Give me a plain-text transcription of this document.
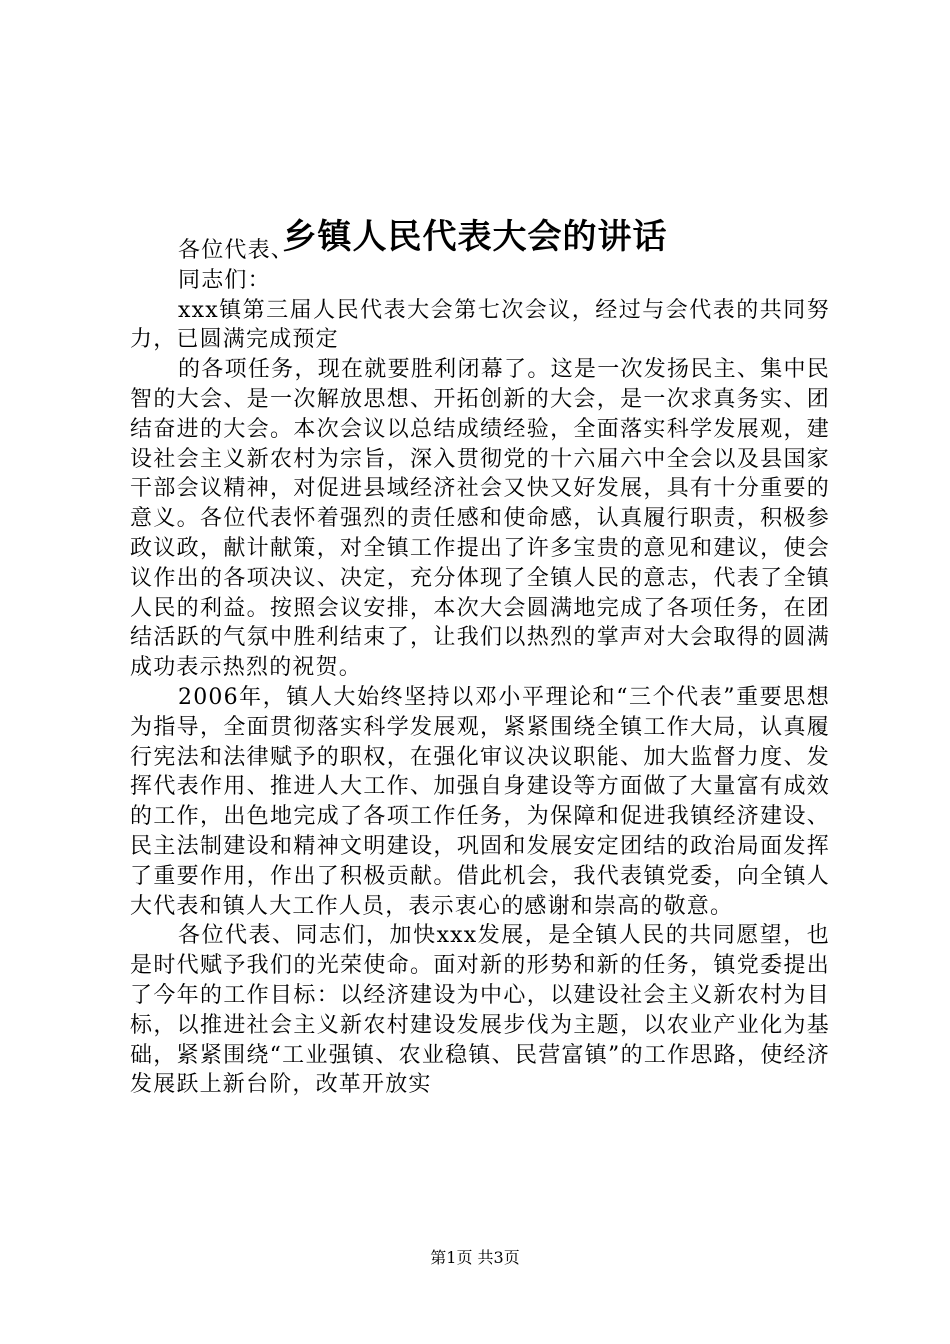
乡镇人民代表大会的讲话

各位代表、

同志们：

xxx镇第三届人民代表大会第七次会议，经过与会代表的共同努力，已圆满完成预定

的各项任务，现在就要胜利闭幕了。这是一次发扬民主、集中民智的大会、是一次解放思想、开拓创新的大会，是一次求真务实、团结奋进的大会。本次会议以总结成绩经验，全面落实科学发展观，建设社会主义新农村为宗旨，深入贯彻党的十六届六中全会以及县国家干部会议精神，对促进县域经济社会又快又好发展，具有十分重要的意义。各位代表怀着强烈的责任感和使命感，认真履行职责，积极参政议政，献计献策，对全镇工作提出了许多宝贵的意见和建议，使会议作出的各项决议、决定，充分体现了全镇人民的意志，代表了全镇人民的利益。按照会议安排，本次大会圆满地完成了各项任务，在团结活跃的气氛中胜利结束了，让我们以热烈的掌声对大会取得的圆满成功表示热烈的祝贺。

2006年，镇人大始终坚持以邓小平理论和“三个代表”重要思想为指导，全面贯彻落实科学发展观，紧紧围绕全镇工作大局，认真履行宪法和法律赋予的职权，在强化审议决议职能、加大监督力度、发挥代表作用、推进人大工作、加强自身建设等方面做了大量富有成效的工作，出色地完成了各项工作任务，为保障和促进我镇经济建设、民主法制建设和精神文明建设，巩固和发展安定团结的政治局面发挥了重要作用，作出了积极贡献。借此机会，我代表镇党委，向全镇人大代表和镇人大工作人员，表示衷心的感谢和崇高的敬意。

各位代表、同志们，加快xxx发展，是全镇人民的共同愿望，也是时代赋予我们的光荣使命。面对新的形势和新的任务，镇党委提出了今年的工作目标：以经济建设为中心，以建设社会主义新农村为目标，以推进社会主义新农村建设发展步伐为主题，以农业产业化为基础，紧紧围绕“工业强镇、农业稳镇、民营富镇”的工作思路，使经济发展跃上新台阶，改革开放实

第1页 共3页
